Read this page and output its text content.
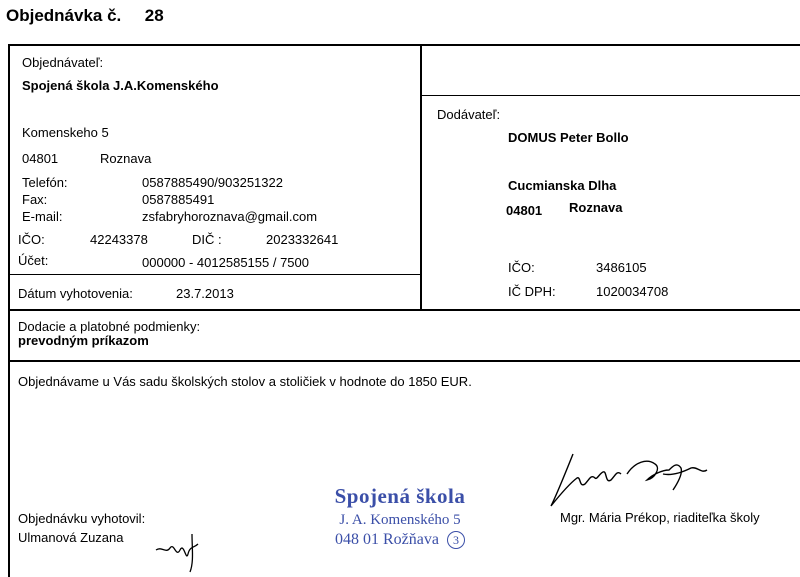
Objednávka č. 28
Objednávateľ:
Spojená škola J.A.Komenského
Komenskeho 5
04801	Roznava
Telefón:	0587885490/903251322
Fax:	0587885491
E-mail:	zsfabryhoroznava@gmail.com
IČO:	42243378	DIČ :	2023332641
Účet:	000000 - 4012585155 / 7500
Dátum vyhotovenia:	23.7.2013
Dodávateľ:
DOMUS Peter Bollo
Cucmianska Dlha
04801 Roznava
IČO:	3486105
IČ DPH:	1020034708
Dodacie a platobné podmienky:
prevodným príkazom
Objednávame u Vás sadu školských stolov a stoličiek v hodnote do 1850 EUR.
Objednávku vyhotovil:
Ulmanová Zuzana
Spojená škola
J. A. Komenského 5
048 01 Rožňava 3
Mgr. Mária Prékop, riaditeľka školy
